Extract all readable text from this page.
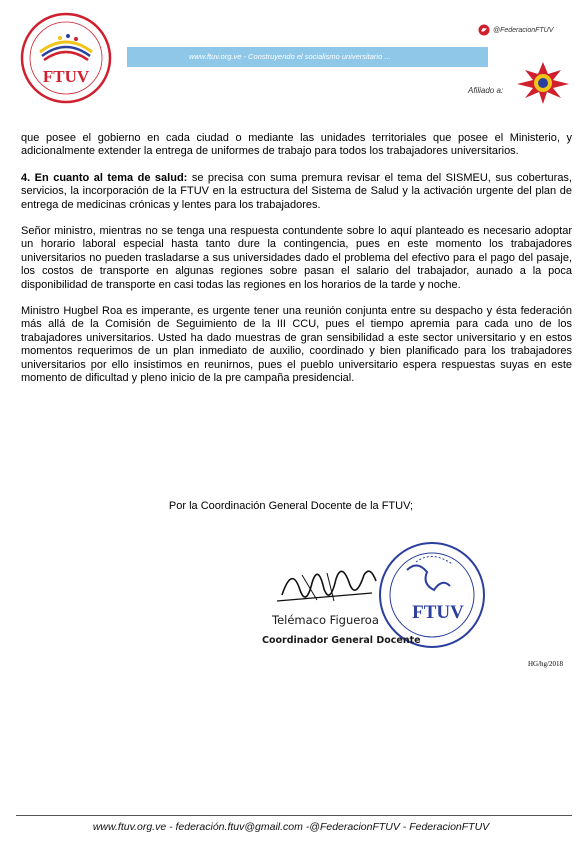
FTUV
@FederacionFTUV
www.ftuv.org.ve - Construyendo el socialismo universitario ...
Afiliado a:

que posee el gobierno en cada ciudad o mediante las unidades territoriales que posee el Ministerio, y adicionalmente extender la entrega de uniformes de trabajo para todos los trabajadores universitarios.

4. En cuanto al tema de salud: se precisa con suma premura revisar el tema del SISMEU, sus coberturas, servicios, la incorporación de la FTUV en la estructura del Sistema de Salud y la activación urgente del plan de entrega de medicinas crónicas y lentes para los trabajadores.

Señor ministro, mientras no se tenga una respuesta contundente sobre lo aquí planteado es necesario adoptar un horario laboral especial hasta tanto dure la contingencia, pues en este momento los trabajadores universitarios no pueden trasladarse a sus universidades dado el problema del efectivo para el pago del pasaje, los costos de transporte en algunas regiones sobre pasan el salario del trabajador, aunado a la poca disponibilidad de transporte en casi todas las regiones en los horarios de la tarde y noche.

Ministro Hugbel Roa es imperante, es urgente tener una reunión conjunta entre su despacho y ésta federación más allá de la Comisión de Seguimiento de la III CCU, pues el tiempo apremia para cada uno de los trabajadores universitarios. Usted ha dado muestras de gran sensibilidad a este sector universitario y en estos momentos requerimos de un plan inmediato de auxilio, coordinado y bien planificado para los trabajadores universitarios por ello insistimos en reunirnos, pues el pueblo universitario espera respuestas suyas en este momento de dificultad y pleno inicio de la pre campaña presidencial.

Por la Coordinación General Docente de la FTUV;
FTUV
Telémaco Figueroa
Coordinador General Docente
HG/hg/2018
www.ftuv.org.ve - federación.ftuv@gmail.com -@FederacionFTUV - FederacionFTUV
